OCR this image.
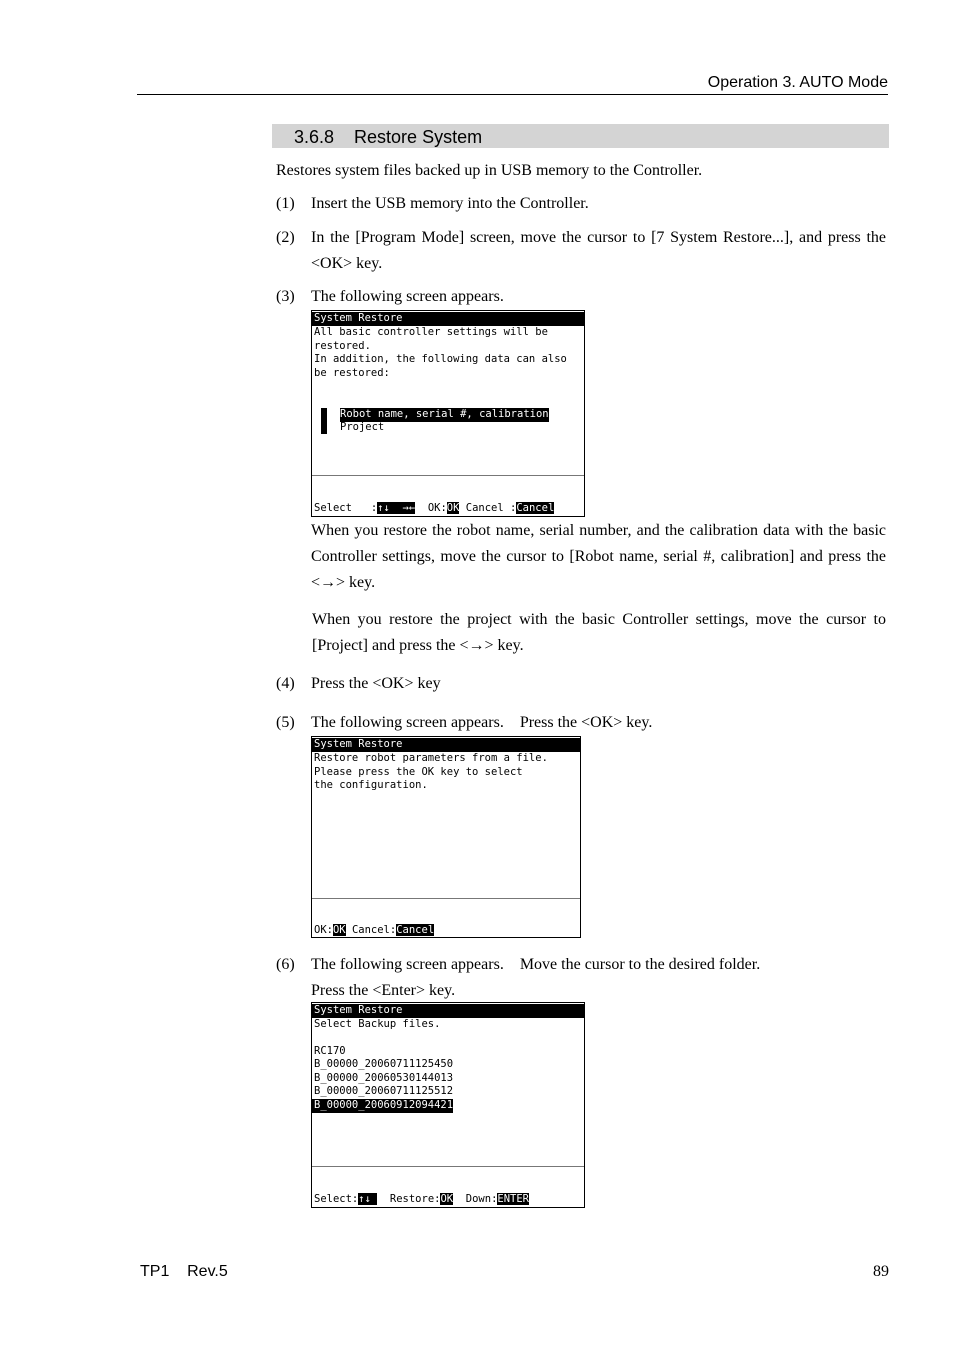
Operation 3. AUTO Mode
3.6.8    Restore System
Restores system files backed up in USB memory to the Controller.
(1)	Insert the USB memory into the Controller.
(2)	In the [Program Mode] screen, move the cursor to [7 System Restore...], and press the <OK> key.
(3)	The following screen appears.
System Restore
All basic controller settings will be
restored.
In addition, the following data can also
be restored:
Robot name, serial #, calibration
Project
Select   :↑↓  →← OK:OK Cancel :Cancel
When you restore the robot name, serial number, and the calibration data with the basic Controller settings, move the cursor to [Robot name, serial #, calibration] and press the <→> key.
When you restore the project with the basic Controller settings, move the cursor to [Project] and press the <→> key.
(4)	Press the <OK> key
(5)	The following screen appears.    Press the <OK> key.
System Restore
Restore robot parameters from a file.
Please press the OK key to select
the configuration.
OK:OK Cancel:Cancel
(6)	The following screen appears.    Move the cursor to the desired folder.
Press the <Enter> key.
System Restore
Select Backup files.
RC170
B_00000_20060711125450
B_00000_20060530144013
B_00000_20060711125512
B_00000_20060912094421
Select:↑↓   Restore:OK Down:ENTER
TP1    Rev.5	89
